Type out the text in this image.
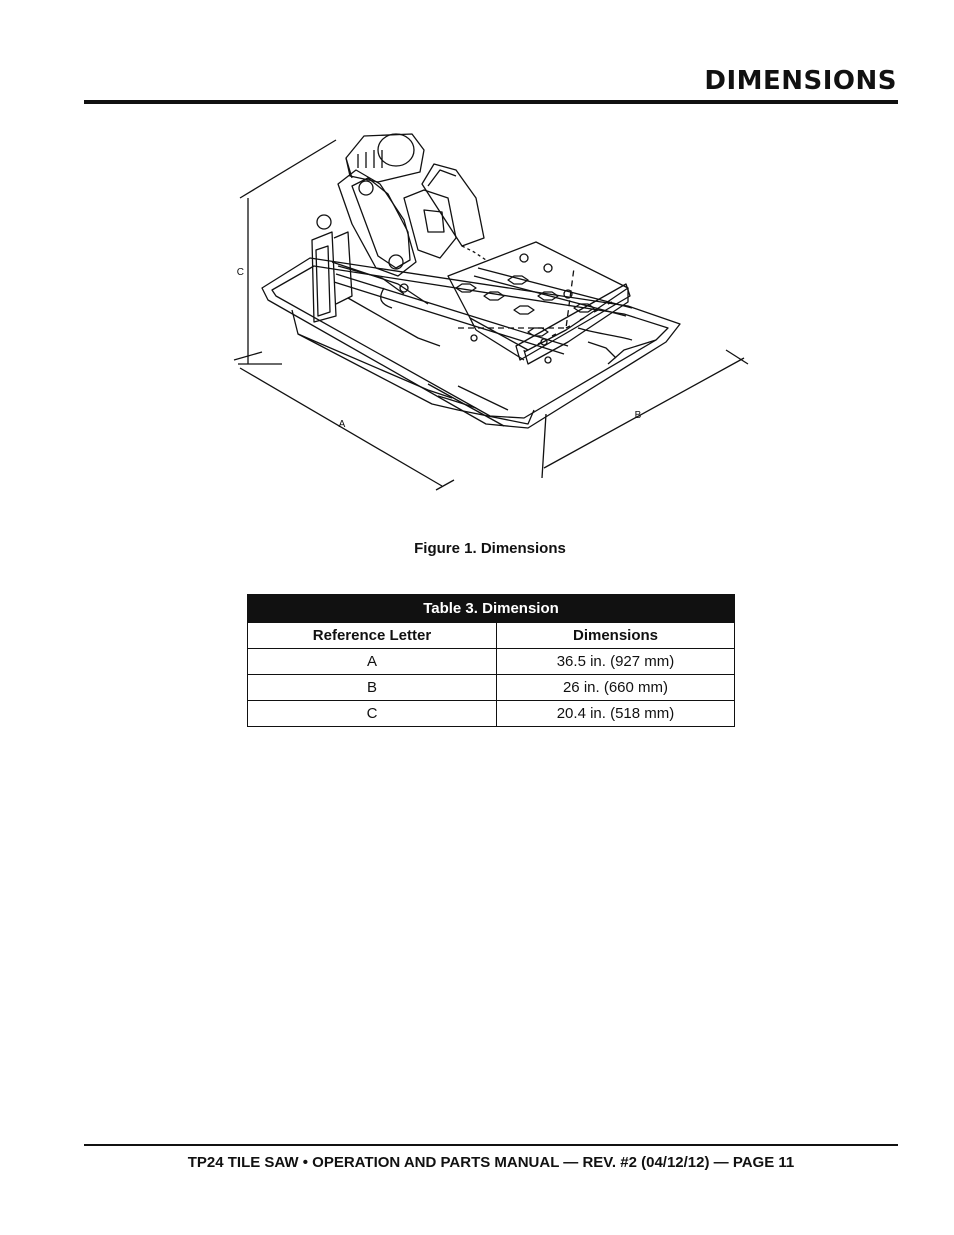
DIMENSIONS
C
A
B
Figure 1. Dimensions
Table 3. Dimension	
Reference Letter	Dimensions
A	36.5 in. (927 mm)
B	26 in. (660 mm)
C	20.4 in. (518 mm)
TP24 TILE SAW • OPERATION AND PARTS MANUAL — REV. #2 (04/12/12) — PAGE 11
